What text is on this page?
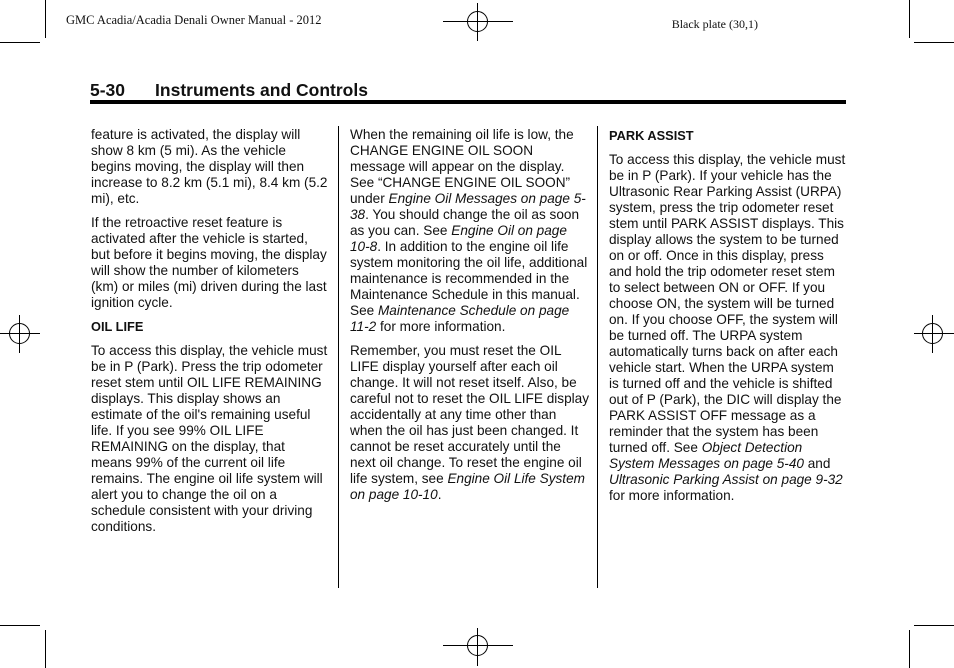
GMC Acadia/Acadia Denali Owner Manual - 2012	Black plate (30,1)
5-30 Instruments and Controls

feature is activated, the display will show 8 km (5 mi). As the vehicle begins moving, the display will then increase to 8.2 km (5.1 mi), 8.4 km (5.2 mi), etc.

If the retroactive reset feature is activated after the vehicle is started, but before it begins moving, the display will show the number of kilometers (km) or miles (mi) driven during the last ignition cycle.

OIL LIFE

To access this display, the vehicle must be in P (Park). Press the trip odometer reset stem until OIL LIFE REMAINING displays. This display shows an estimate of the oil's remaining useful life. If you see 99% OIL LIFE REMAINING on the display, that means 99% of the current oil life remains. The engine oil life system will alert you to change the oil on a schedule consistent with your driving conditions.

When the remaining oil life is low, the CHANGE ENGINE OIL SOON message will appear on the display. See “CHANGE ENGINE OIL SOON” under Engine Oil Messages on page 5-38. You should change the oil as soon as you can. See Engine Oil on page 10-8. In addition to the engine oil life system monitoring the oil life, additional maintenance is recommended in the Maintenance Schedule in this manual. See Maintenance Schedule on page 11-2 for more information.

Remember, you must reset the OIL LIFE display yourself after each oil change. It will not reset itself. Also, be careful not to reset the OIL LIFE display accidentally at any time other than when the oil has just been changed. It cannot be reset accurately until the next oil change. To reset the engine oil life system, see Engine Oil Life System on page 10-10.

PARK ASSIST

To access this display, the vehicle must be in P (Park). If your vehicle has the Ultrasonic Rear Parking Assist (URPA) system, press the trip odometer reset stem until PARK ASSIST displays. This display allows the system to be turned on or off. Once in this display, press and hold the trip odometer reset stem to select between ON or OFF. If you choose ON, the system will be turned on. If you choose OFF, the system will be turned off. The URPA system automatically turns back on after each vehicle start. When the URPA system is turned off and the vehicle is shifted out of P (Park), the DIC will display the PARK ASSIST OFF message as a reminder that the system has been turned off. See Object Detection System Messages on page 5-40 and Ultrasonic Parking Assist on page 9-32 for more information.
